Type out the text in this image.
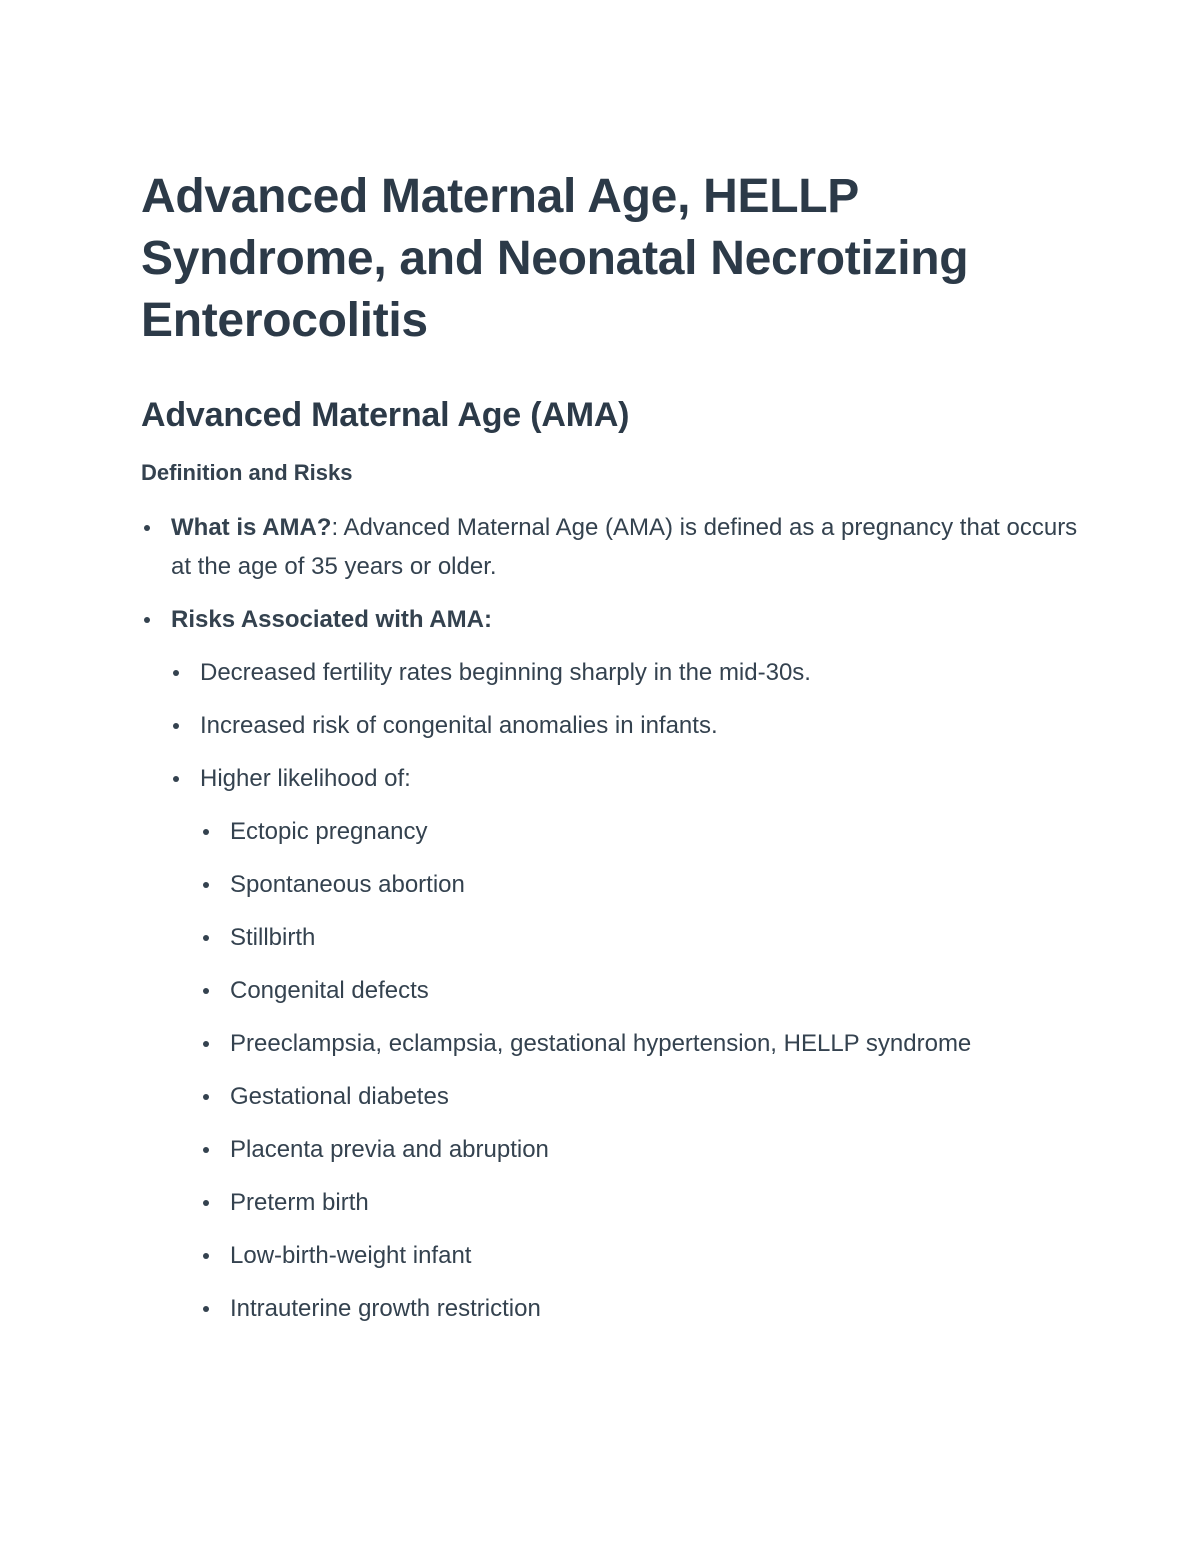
Advanced Maternal Age, HELLP Syndrome, and Neonatal Necrotizing Enterocolitis
Advanced Maternal Age (AMA)
Definition and Risks
What is AMA?: Advanced Maternal Age (AMA) is defined as a pregnancy that occurs at the age of 35 years or older.
Risks Associated with AMA:
Decreased fertility rates beginning sharply in the mid-30s.
Increased risk of congenital anomalies in infants.
Higher likelihood of:
Ectopic pregnancy
Spontaneous abortion
Stillbirth
Congenital defects
Preeclampsia, eclampsia, gestational hypertension, HELLP syndrome
Gestational diabetes
Placenta previa and abruption
Preterm birth
Low-birth-weight infant
Intrauterine growth restriction
